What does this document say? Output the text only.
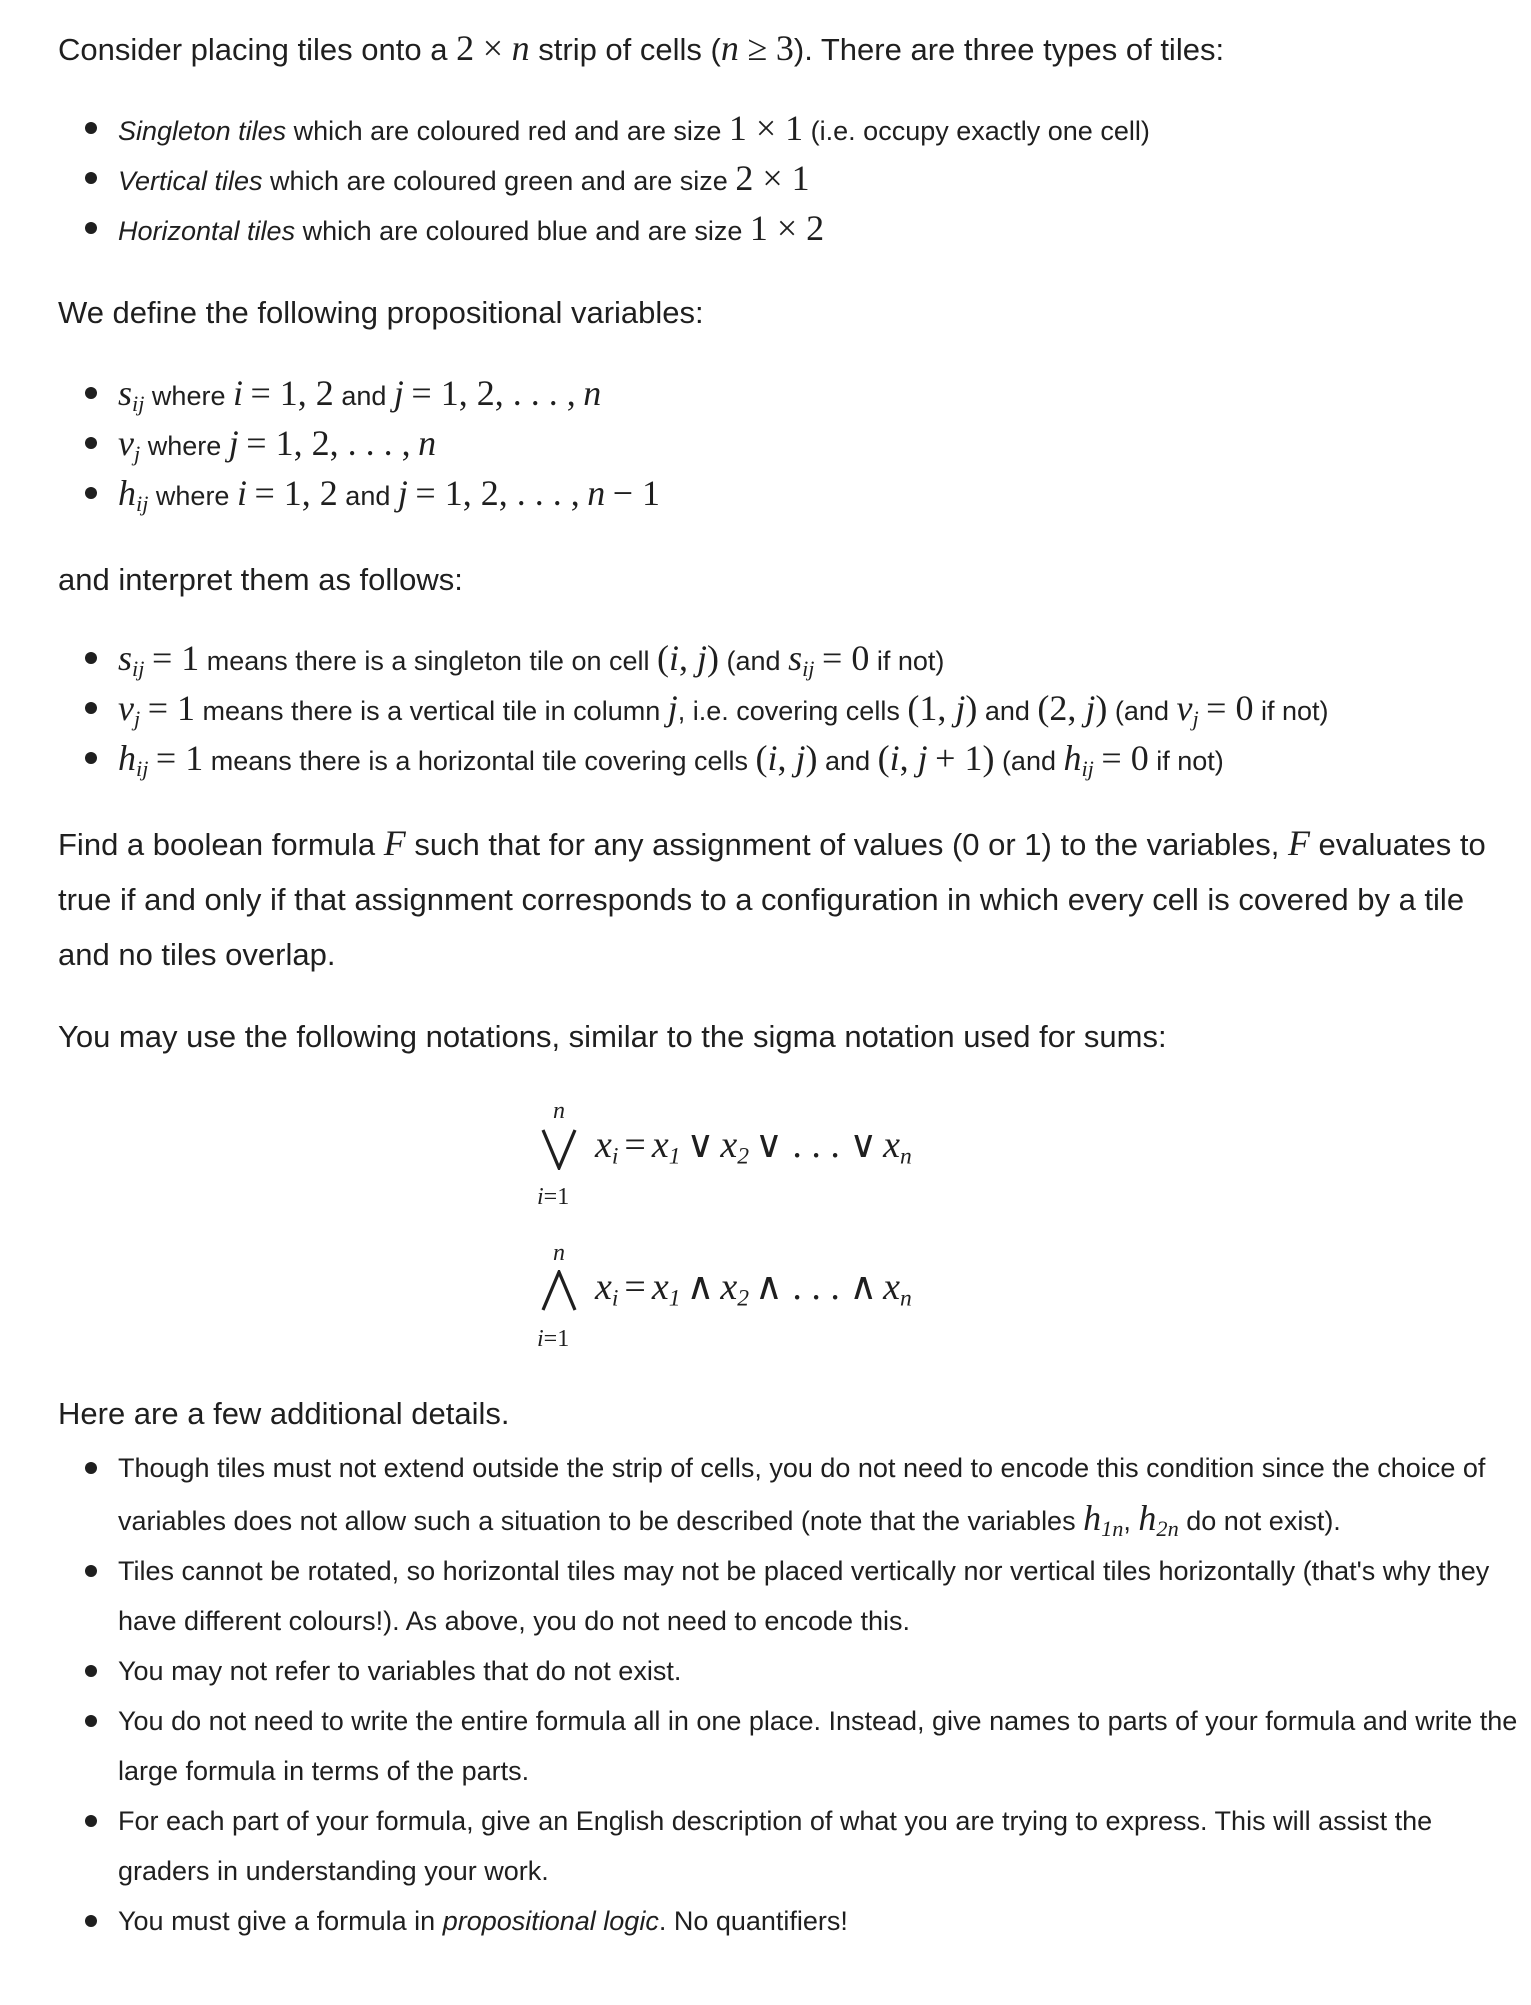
Consider placing tiles onto a 2 × n strip of cells (n ≥ 3). There are three types of tiles:

Singleton tiles which are coloured red and are size 1 × 1 (i.e. occupy exactly one cell)
Vertical tiles which are coloured green and are size 2 × 1
Horizontal tiles which are coloured blue and are size 1 × 2

We define the following propositional variables:

$s_{ij}$ where i = 1, 2 and j = 1, 2, . . . , n
$v_j$ where j = 1, 2, . . . , n
$h_{ij}$ where i = 1, 2 and j = 1, 2, . . . , n − 1

and interpret them as follows:

$s_{ij} = 1$ means there is a singleton tile on cell (i, j) (and $s_{ij} = 0$ if not)
$v_j = 1$ means there is a vertical tile in column j, i.e. covering cells (1, j) and (2, j) (and $v_j = 0$ if not)
$h_{ij} = 1$ means there is a horizontal tile covering cells (i, j) and (i, j + 1) (and $h_{ij} = 0$ if not)

Find a boolean formula F such that for any assignment of values (0 or 1) to the variables, F evaluates to true if and only if that assignment corresponds to a configuration in which every cell is covered by a tile and no tiles overlap.

You may use the following notations, similar to the sigma notation used for sums:

n
i=1
$x_i = x_1$ ∨ $x_2$ ∨ . . . ∨ $x_n$
n
i=1
$x_i = x_1$ ∧ $x_2$ ∧ . . . ∧ $x_n$

Here are a few additional details.

Though tiles must not extend outside the strip of cells, you do not need to encode this condition since the choice of variables does not allow such a situation to be described (note that the variables $h_{1n}$, $h_{2n}$ do not exist).
Tiles cannot be rotated, so horizontal tiles may not be placed vertically nor vertical tiles horizontally (that's why they have different colours!). As above, you do not need to encode this.
You may not refer to variables that do not exist.
You do not need to write the entire formula all in one place. Instead, give names to parts of your formula and write the large formula in terms of the parts.
For each part of your formula, give an English description of what you are trying to express. This will assist the graders in understanding your work.
You must give a formula in propositional logic. No quantifiers!
